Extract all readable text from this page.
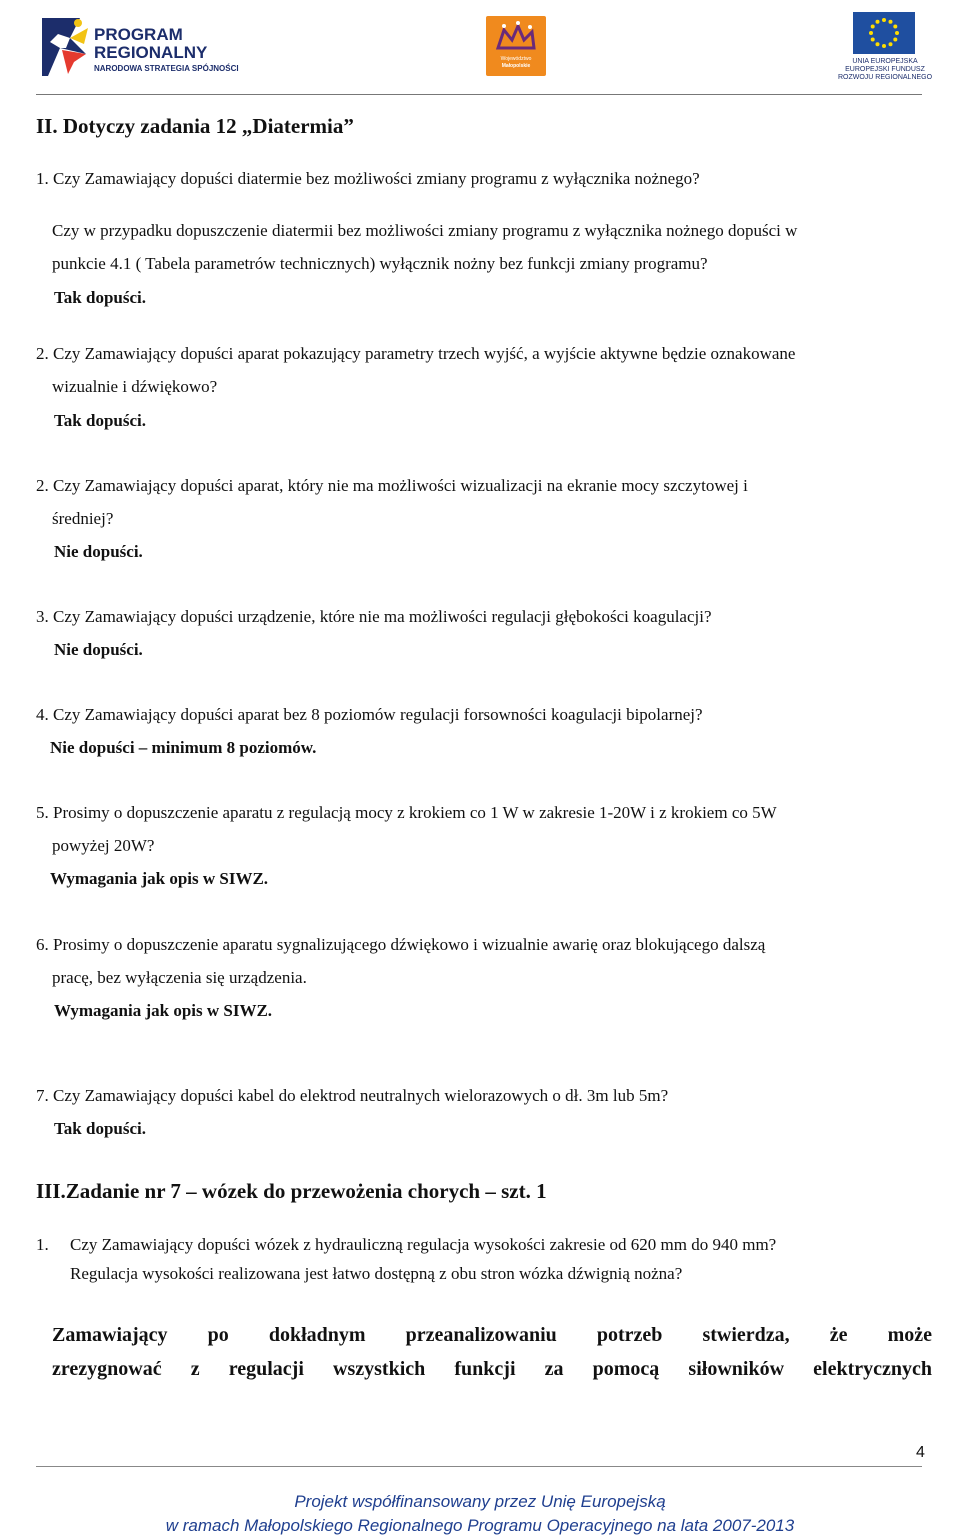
PROGRAM
REGIONALNY
NARODOWA STRATEGIA SPÓJNOŚCI
Województwo
Małopolskie
UNIA EUROPEJSKA
EUROPEJSKI FUNDUSZ
ROZWOJU REGIONALNEGO
II. Dotyczy zadania 12 „Diatermia”
1. Czy Zamawiający dopuści diatermie bez możliwości zmiany programu z wyłącznika nożnego?
Czy w przypadku dopuszczenie diatermii bez możliwości zmiany programu z wyłącznika nożnego dopuści w
punkcie 4.1 ( Tabela parametrów technicznych) wyłącznik nożny bez funkcji zmiany programu?
Tak dopuści.
2. Czy Zamawiający dopuści aparat pokazujący parametry trzech wyjść, a wyjście aktywne będzie oznakowane
wizualnie i dźwiękowo?
Tak dopuści.
2. Czy Zamawiający dopuści aparat, który nie ma możliwości wizualizacji na ekranie mocy szczytowej i
średniej?
Nie dopuści.
3. Czy Zamawiający dopuści urządzenie, które nie ma możliwości regulacji głębokości koagulacji?
Nie dopuści.
4. Czy Zamawiający dopuści aparat bez 8 poziomów regulacji forsowności koagulacji bipolarnej?
Nie dopuści – minimum 8 poziomów.
5. Prosimy o dopuszczenie aparatu z regulacją mocy z krokiem co 1 W w zakresie 1-20W i z krokiem co 5W
powyżej 20W?
Wymagania jak opis w SIWZ.
6. Prosimy o dopuszczenie aparatu sygnalizującego dźwiękowo i wizualnie awarię oraz blokującego dalszą
pracę, bez wyłączenia się urządzenia.
Wymagania jak opis w SIWZ.
7. Czy Zamawiający dopuści kabel do elektrod neutralnych wielorazowych o dł. 3m lub 5m?
Tak dopuści.
III.Zadanie nr 7 – wózek do przewożenia chorych – szt. 1
1. Czy Zamawiający dopuści wózek z hydrauliczną regulacja wysokości zakresie od 620 mm do 940 mm?
Regulacja wysokości realizowana jest łatwo dostępną z obu stron wózka dźwignią nożna?
Zamawiający po dokładnym przeanalizowaniu potrzeb stwierdza, że może
zrezygnować z regulacji wszystkich funkcji za pomocą siłowników elektrycznych
4
Projekt współfinansowany przez Unię Europejską
w ramach Małopolskiego Regionalnego Programu Operacyjnego na lata 2007-2013
